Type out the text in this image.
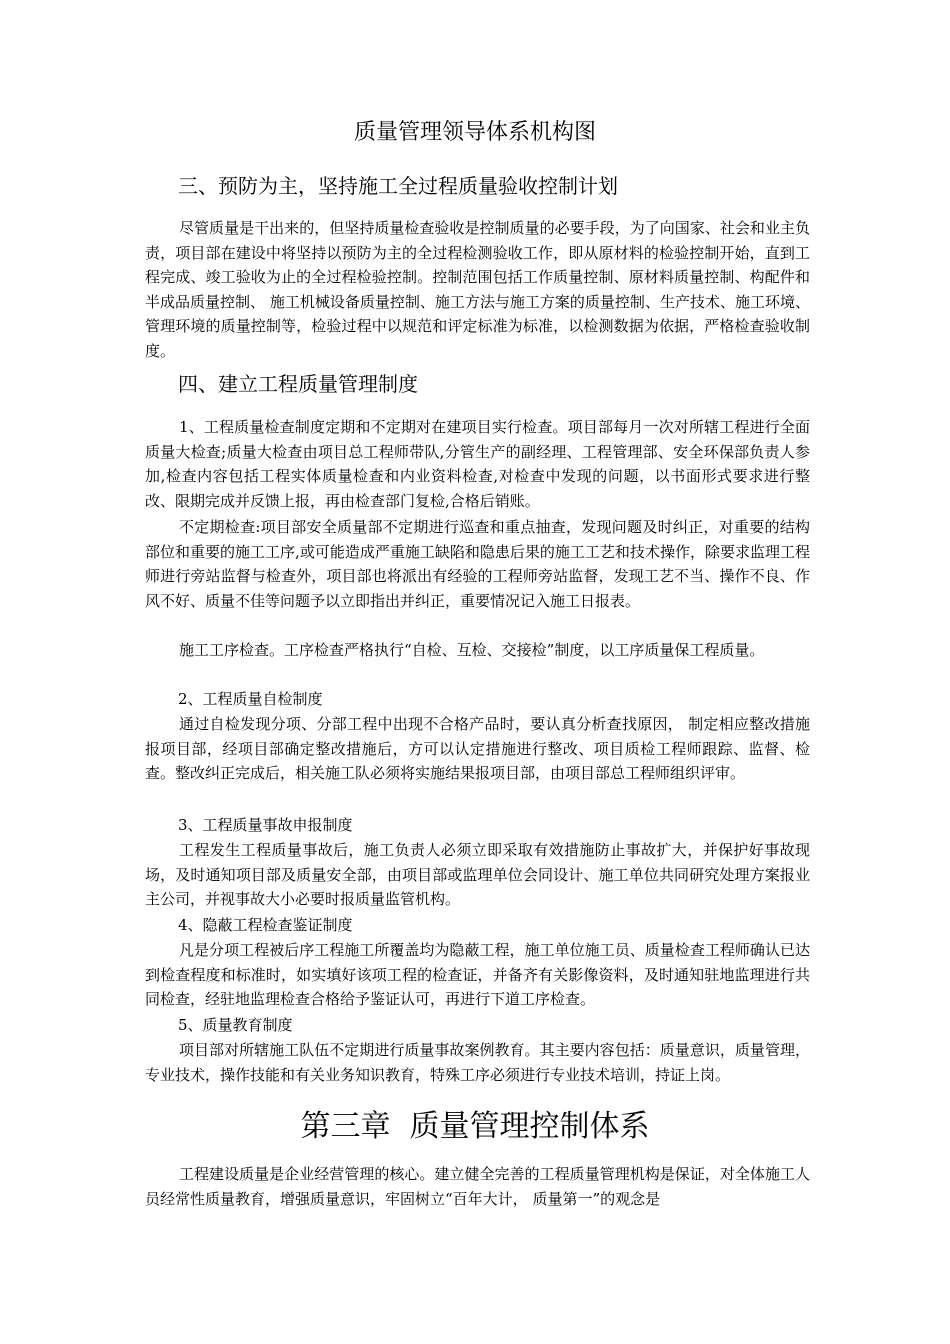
质量管理领导体系机构图
三、预防为主，坚持施工全过程质量验收控制计划

尽管质量是干出来的，但坚持质量检查验收是控制质量的必要手段，为了向国家、社会和业主负责，项目部在建设中将坚持以预防为主的全过程检测验收工作，即从原材料的检验控制开始，直到工程完成、竣工验收为止的全过程检验控制。控制范围包括工作质量控制、原材料质量控制、构配件和半成品质量控制、 施工机械设备质量控制、施工方法与施工方案的质量控制、生产技术、施工环境、 管理环境的质量控制等，检验过程中以规范和评定标准为标准，以检测数据为依据，严格检查验收制度。

四、建立工程质量管理制度

1、工程质量检查制度定期和不定期对在建项目实行检查。项目部每月一次对所辖工程进行全面质量大检查;质量大检查由项目总工程师带队,分管生产的副经理、工程管理部、安全环保部负责人参加,检查内容包括工程实体质量检查和内业资料检查,对检查中发现的问题，以书面形式要求进行整改、限期完成并反馈上报，再由检查部门复检,合格后销账。

不定期检查:项目部安全质量部不定期进行巡查和重点抽查，发现问题及时纠正，对重要的结构部位和重要的施工工序,或可能造成严重施工缺陷和隐患后果的施工工艺和技术操作，除要求监理工程师进行旁站监督与检查外，项目部也将派出有经验的工程师旁站监督，发现工艺不当、操作不良、作风不好、质量不佳等问题予以立即指出并纠正，重要情况记入施工日报表。

施工工序检查。工序检查严格执行“自检、互检、交接检”制度，以工序质量保工程质量。

2、工程质量自检制度

通过自检发现分项、分部工程中出现不合格产品时，要认真分析查找原因， 制定相应整改措施报项目部，经项目部确定整改措施后，方可以认定措施进行整改、项目质检工程师跟踪、监督、检查。整改纠正完成后，相关施工队必须将实施结果报项目部，由项目部总工程师组织评审。

3、工程质量事故申报制度

工程发生工程质量事故后，施工负责人必须立即采取有效措施防止事故扩大，并保护好事故现场，及时通知项目部及质量安全部，由项目部或监理单位会同设计、施工单位共同研究处理方案报业主公司，并视事故大小必要时报质量监管机构。

4、隐蔽工程检查鉴证制度

凡是分项工程被后序工程施工所覆盖均为隐蔽工程，施工单位施工员、质量检查工程师确认已达到检查程度和标准时，如实填好该项工程的检查证，并备齐有关影像资料，及时通知驻地监理进行共同检查，经驻地监理检查合格给予鉴证认可，再进行下道工序检查。

5、质量教育制度

项目部对所辖施工队伍不定期进行质量事故案例教育。其主要内容包括：质量意识，质量管理，专业技术，操作技能和有关业务知识教育，特殊工序必须进行专业技术培训，持证上岗。

第三章  质量管理控制体系

工程建设质量是企业经营管理的核心。建立健全完善的工程质量管理机构是保证，对全体施工人员经常性质量教育，增强质量意识，牢固树立“百年大计， 质量第一”的观念是
